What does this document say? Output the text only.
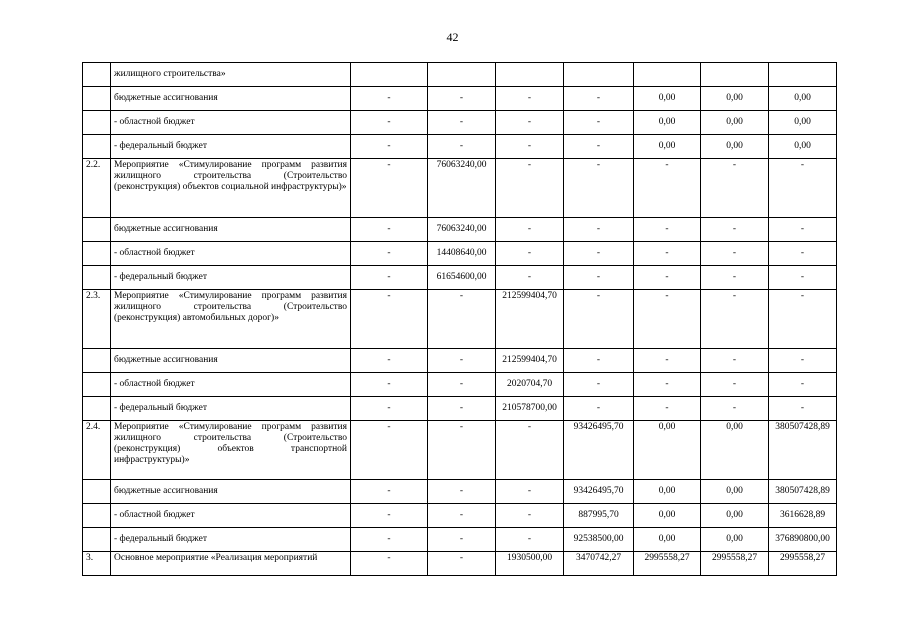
42
	жилищного строительства»							
	бюджетные ассигнования	-	-	-	-	0,00	0,00	0,00
	- областной бюджет	-	-	-	-	0,00	0,00	0,00
	- федеральный бюджет	-	-	-	-	0,00	0,00	0,00
2.2.	Мероприятие «Стимулирование программ развития жилищного строительства (Строительство (реконструкция) объектов социальной инфраструктуры)»	-	76063240,00	-	-	-	-	-
	бюджетные ассигнования	-	76063240,00	-	-	-	-	-
	- областной бюджет	-	14408640,00	-	-	-	-	-
	- федеральный бюджет	-	61654600,00	-	-	-	-	-
2.3.	Мероприятие «Стимулирование программ развития жилищного строительства (Строительство (реконструкция) автомобильных дорог)»	-	-	212599404,70	-	-	-	-
	бюджетные ассигнования	-	-	212599404,70	-	-	-	-
	- областной бюджет	-	-	2020704,70	-	-	-	-
	- федеральный бюджет	-	-	210578700,00	-	-	-	-
2.4.	Мероприятие «Стимулирование программ развития жилищного строительства (Строительство (реконструкция) объектов транспортной инфраструктуры)»	-	-	-	93426495,70	0,00	0,00	380507428,89
	бюджетные ассигнования	-	-	-	93426495,70	0,00	0,00	380507428,89
	- областной бюджет	-	-	-	887995,70	0,00	0,00	3616628,89
	- федеральный бюджет	-	-	-	92538500,00	0,00	0,00	376890800,00
3.	Основное мероприятие «Реализация мероприятий	-	-	1930500,00	3470742,27	2995558,27	2995558,27	2995558,27
